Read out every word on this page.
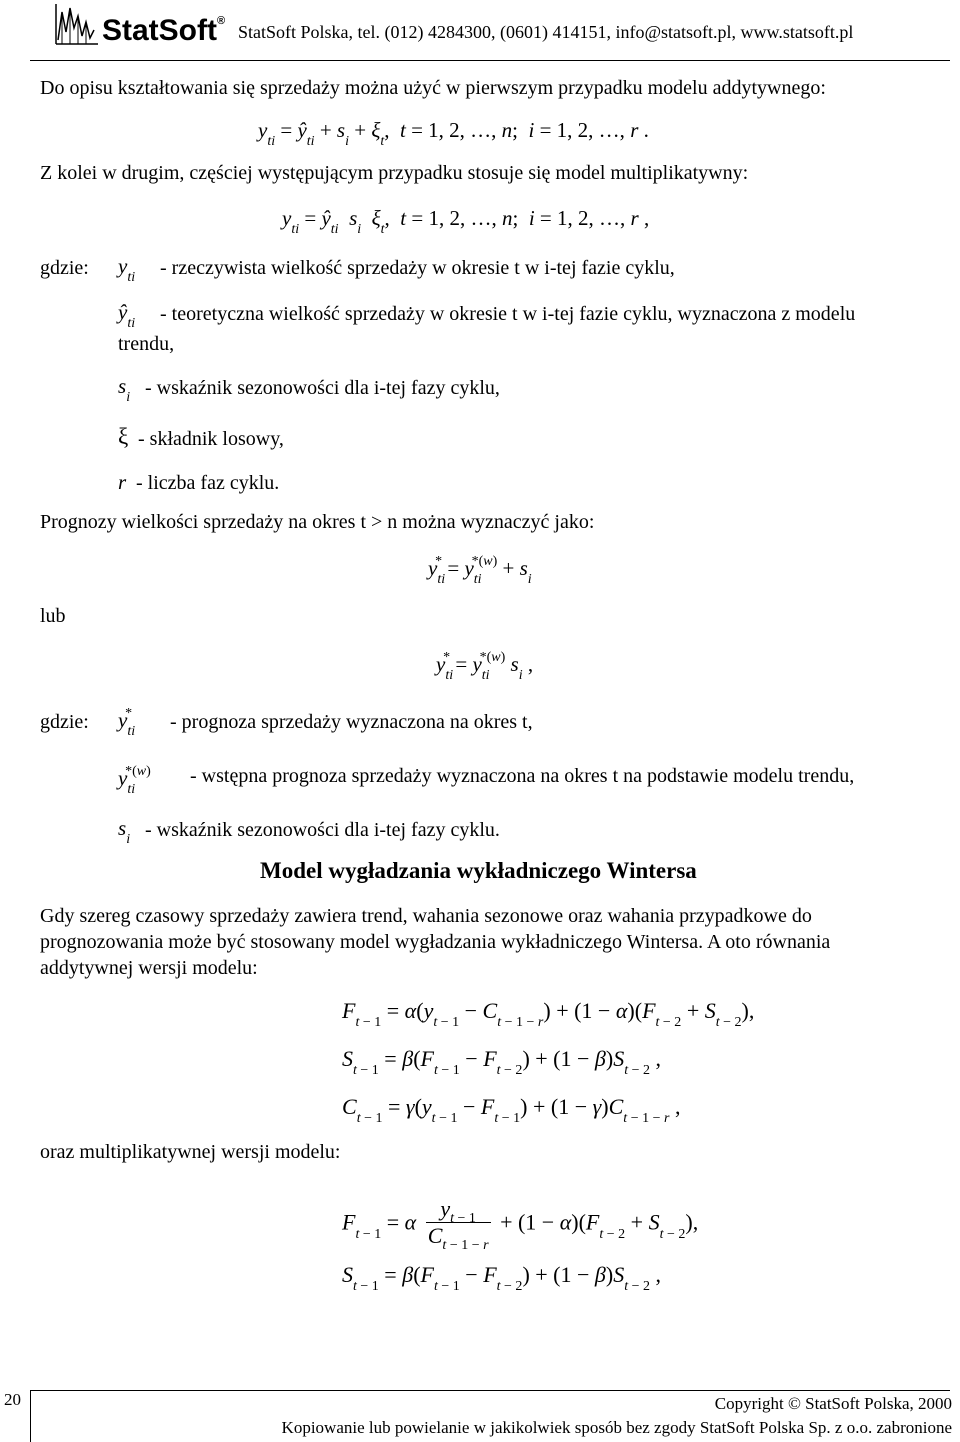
StatSoft®
StatSoft Polska, tel. (012) 4284300, (0601) 414151, info@statsoft.pl, www.statsoft.pl
Do opisu kształtowania się sprzedaży można użyć w pierwszym przypadku modelu addytywnego:
$y_{ti}$ = $ŷ_{ti} + s_i + \xi_t$,  t = 1, 2, …, n;  i = 1, 2, …, r .
Z kolei w drugim, częściej występującym przypadku stosuje się model multiplikatywny:
$y_{ti}$ = $ŷ_{ti}$ $s_i$ $\xi_t$,  t = 1, 2, …, n;  i = 1, 2, …, r ,
gdzie: $y_{ti}$ - rzeczywista wielkość sprzedaży w okresie t w i-tej fazie cyklu,
$ŷ_{ti}$ - teoretyczna wielkość sprzedaży w okresie t w i-tej fazie cyklu, wyznaczona z modelu
trendu,
$s_i$ - wskaźnik sezonowości dla i-tej fazy cyklu,
ξ - składnik losowy,
r - liczba faz cyklu.
Prognozy wielkości sprzedaży na okres t > n można wyznaczyć jako:
$y_{ti}^* = y_{ti}^{*(w)} + s_i$
lub
$y_{ti}^* = y_{ti}^{*(w)}$ $s_i$ ,
gdzie: $y_{ti}^*$ - prognoza sprzedaży wyznaczona na okres t,
$y_{ti}^{*(w)}$ - wstępna prognoza sprzedaży wyznaczona na okres t na podstawie modelu trendu,
$s_i$ - wskaźnik sezonowości dla i-tej fazy cyklu.
Model wygładzania wykładniczego Wintersa
Gdy szereg czasowy sprzedaży zawiera trend, wahania sezonowe oraz wahania przypadkowe do
prognozowania może być stosowany model wygładzania wykładniczego Wintersa. A oto równania
addytywnej wersji modelu:
$F_{t - 1} = \alpha(y_{t - 1} - C_{t - 1 - r}) + (1 - \alpha)(F_{t - 2} + S_{t - 2})$,
$S_{t - 1} = \beta(F_{t - 1} - F_{t - 2}) + (1 - \beta)S_{t - 2}$ ,
$C_{t - 1} = \gamma(y_{t - 1} - F_{t - 1}) + (1 - \gamma)C_{t - 1 - r}$ ,
oraz multiplikatywnej wersji modelu:
$F_{t - 1} = \alpha \frac{y_{t - 1}}{C_{t - 1 - r}} + (1 - \alpha)(F_{t - 2} + S_{t - 2})$,
$S_{t - 1} = \beta(F_{t - 1} - F_{t - 2}) + (1 - \beta)S_{t - 2}$ ,
20	Copyright © StatSoft Polska, 2000
Kopiowanie lub powielanie w jakikolwiek sposób bez zgody StatSoft Polska Sp. z o.o. zabronione
